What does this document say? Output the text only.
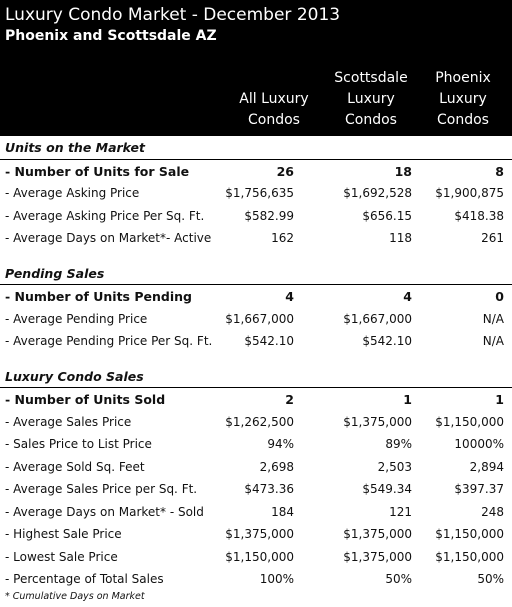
Luxury Condo Market - December 2013
Phoenix and Scottsdale AZ
All Luxury
Condos
Scottsdale
Luxury
Condos
Phoenix
Luxury
Condos
Units on the Market
- Number of Units for Sale	26	18	8
- Average Asking Price	$1,756,635	$1,692,528 $1,900,875
- Average Asking Price Per Sq. Ft.	$582.99	$656.15	$418.38
- Average Days on Market*- Active	162	118	261
Pending Sales
- Number of Units Pending	4	4	0
- Average Pending Price	$1,667,000	$1,667,000	N/A
- Average Pending Price Per Sq. Ft.	$542.10	$542.10	N/A
Luxury Condo Sales
- Number of Units Sold	2	1	1
- Average Sales Price	$1,262,500	$1,375,000 $1,150,000
- Sales Price to List Price	94%	89%	10000%
- Average Sold Sq. Feet	2,698	2,503	2,894
- Average Sales Price per Sq. Ft.	$473.36	$549.34	$397.37
- Average Days on Market* - Sold	184	121	248
- Highest Sale Price	$1,375,000	$1,375,000 $1,150,000
- Lowest Sale Price	$1,150,000	$1,375,000 $1,150,000
- Percentage of Total Sales	100%	50%	50%
* Cumulative Days on Market
